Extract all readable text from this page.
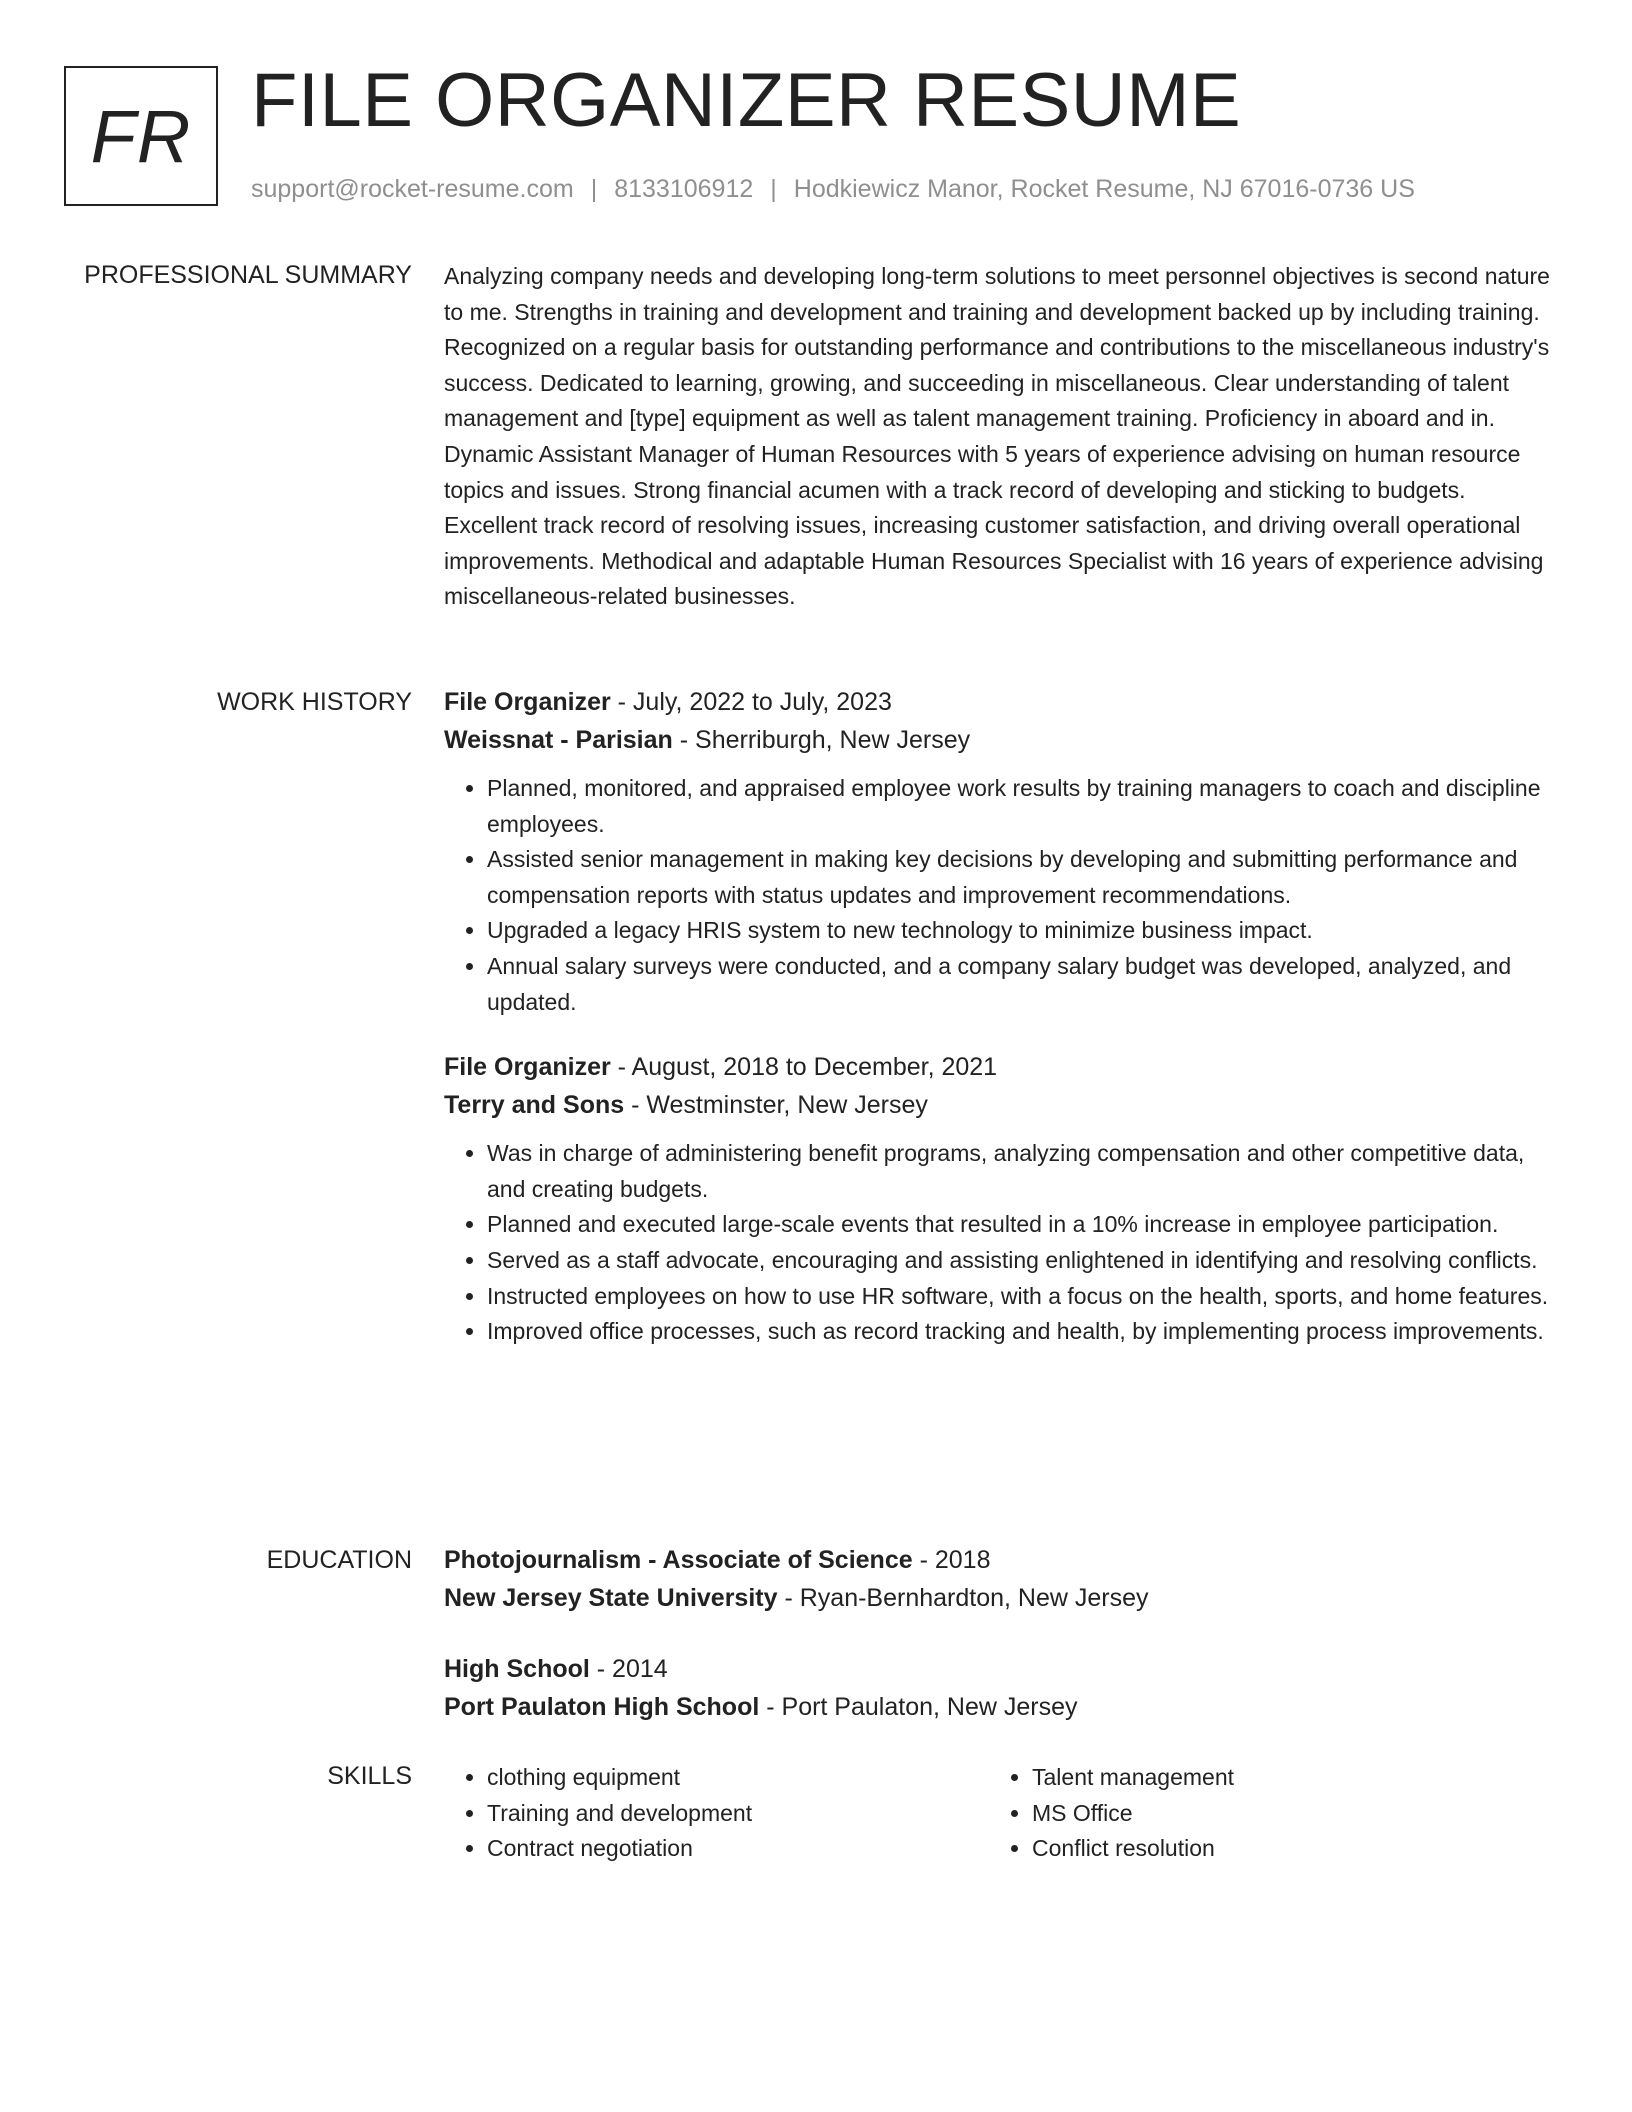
FR FILE ORGANIZER RESUME
support@rocket-resume.com | 8133106912 | Hodkiewicz Manor, Rocket Resume, NJ 67016-0736 US
PROFESSIONAL SUMMARY Analyzing company needs and developing long-term solutions to meet personnel objectives is second nature to me. Strengths in training and development and training and development backed up by including training. Recognized on a regular basis for outstanding performance and contributions to the miscellaneous industry's success. Dedicated to learning, growing, and succeeding in miscellaneous. Clear understanding of talent management and [type] equipment as well as talent management training. Proficiency in aboard and in. Dynamic Assistant Manager of Human Resources with 5 years of experience advising on human resource topics and issues. Strong financial acumen with a track record of developing and sticking to budgets. Excellent track record of resolving issues, increasing customer satisfaction, and driving overall operational improvements. Methodical and adaptable Human Resources Specialist with 16 years of experience advising miscellaneous-related businesses.

WORK HISTORY File Organizer - July, 2022 to July, 2023
Weissnat - Parisian - Sherriburgh, New Jersey
• Planned, monitored, and appraised employee work results by training managers to coach and discipline employees.
• Assisted senior management in making key decisions by developing and submitting performance and compensation reports with status updates and improvement recommendations.
• Upgraded a legacy HRIS system to new technology to minimize business impact.
• Annual salary surveys were conducted, and a company salary budget was developed, analyzed, and updated.
File Organizer - August, 2018 to December, 2021
Terry and Sons - Westminster, New Jersey
• Was in charge of administering benefit programs, analyzing compensation and other competitive data, and creating budgets.
• Planned and executed large-scale events that resulted in a 10% increase in employee participation.
• Served as a staff advocate, encouraging and assisting enlightened in identifying and resolving conflicts.
• Instructed employees on how to use HR software, with a focus on the health, sports, and home features.
• Improved office processes, such as record tracking and health, by implementing process improvements.
EDUCATION Photojournalism - Associate of Science - 2018
New Jersey State University - Ryan-Bernhardton, New Jersey
High School - 2014
Port Paulaton High School - Port Paulaton, New Jersey
SKILLS
•	clothing equipment
• Training and development
• Contract negotiation
• Talent management
• MS Office
• Conflict resolution
